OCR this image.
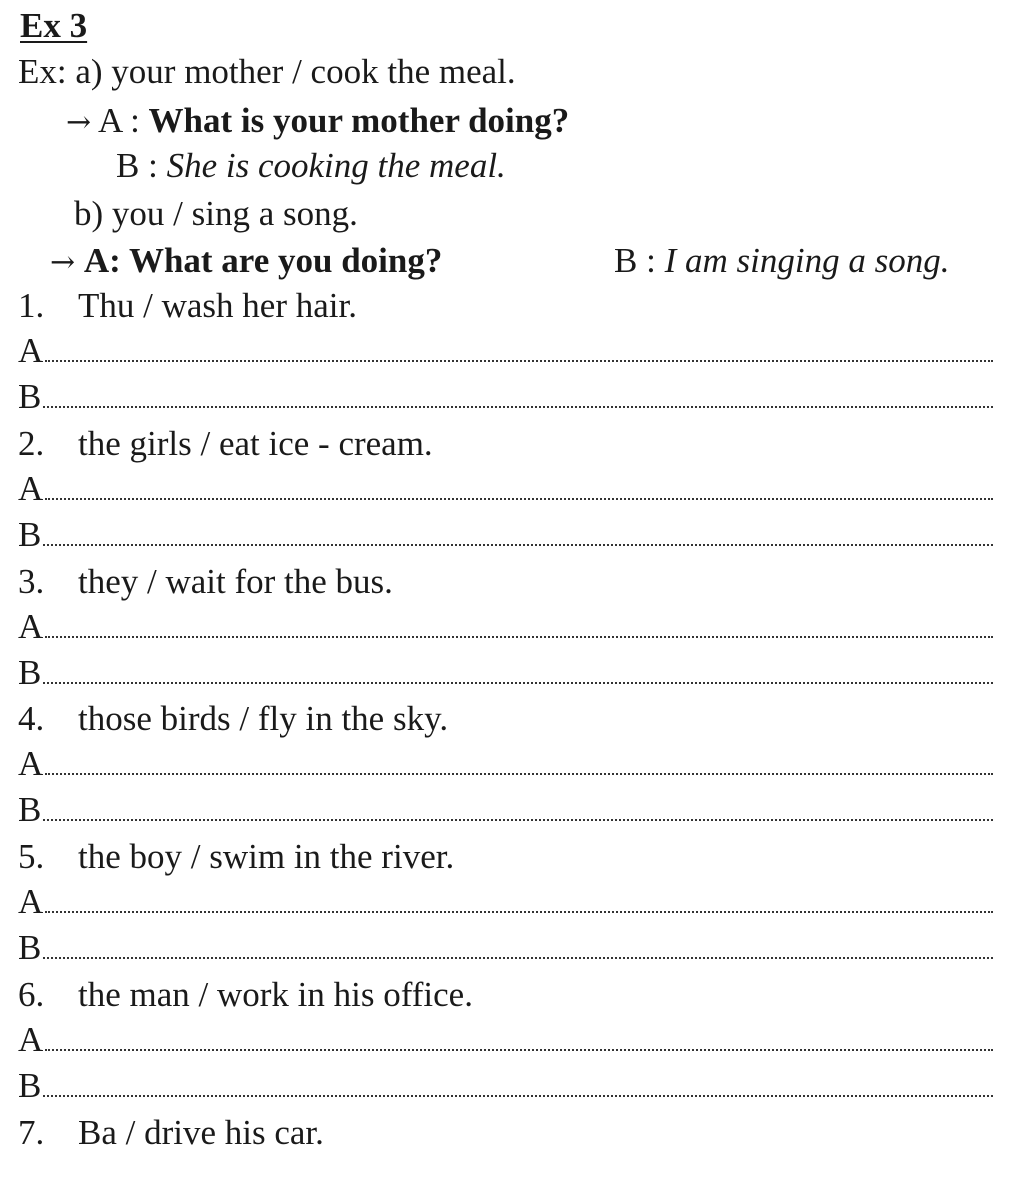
Ex 3
Ex: a) your mother / cook the meal.
→ A : What is your mother doing?
B : She is cooking the meal.
b) you / sing a song.
→ A: What are you doing?	B : I am singing a song.
1. Thu / wash her hair.
A
B
2. the girls / eat ice - cream.
A
B
3. they / wait for the bus.
A
B
4. those birds / fly in the sky.
A
B
5. the boy / swim in the river.
A
B
6. the man / work in his office.
A
B
7. Ba / drive his car.
